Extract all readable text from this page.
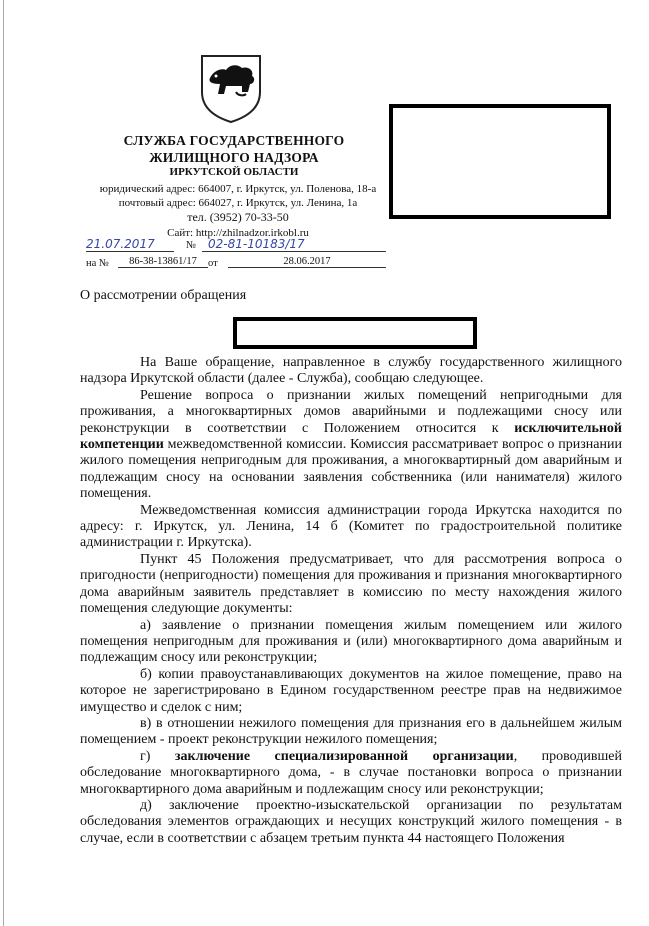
СЛУЖБА ГОСУДАРСТВЕННОГО
ЖИЛИЩНОГО НАДЗОРА
ИРКУТСКОЙ ОБЛАСТИ
юридический адрес: 664007, г. Иркутск, ул. Поленова, 18-а
почтовый адрес: 664027, г. Иркутск, ул. Ленина, 1а
тел. (3952) 70-33-50
Сайт: http://zhilnadzor.irkobl.ru
21.07.2017	№ 02-81-10183/17
на №	86-38-13861/17	от	28.06.2017
О рассмотрении обращения

На Ваше обращение, направленное в службу государственного жилищного надзора Иркутской области (далее - Служба), сообщаю следующее.

Решение вопроса о признании жилых помещений непригодными для проживания, а многоквартирных домов аварийными и подлежащими сносу или реконструкции в соответствии с Положением относится к исключительной компетенции межведомственной комиссии. Комиссия рассматривает вопрос о признании жилого помещения непригодным для проживания, а многоквартирный дом аварийным и подлежащим сносу на основании заявления собственника (или нанимателя) жилого помещения.

Межведомственная комиссия администрации города Иркутска находится по адресу: г. Иркутск, ул. Ленина, 14 б (Комитет по градостроительной политике администрации г. Иркутска).

Пункт 45 Положения предусматривает, что для рассмотрения вопроса о пригодности (непригодности) помещения для проживания и признания многоквартирного дома аварийным заявитель представляет в комиссию по месту нахождения жилого помещения следующие документы:

а) заявление о признании помещения жилым помещением или жилого помещения непригодным для проживания и (или) многоквартирного дома аварийным и подлежащим сносу или реконструкции;

б) копии правоустанавливающих документов на жилое помещение, право на которое не зарегистрировано в Едином государственном реестре прав на недвижимое имущество и сделок с ним;

в) в отношении нежилого помещения для признания его в дальнейшем жилым помещением - проект реконструкции нежилого помещения;

г) заключение специализированной организации, проводившей обследование многоквартирного дома, - в случае постановки вопроса о признании многоквартирного дома аварийным и подлежащим сносу или реконструкции;

д) заключение проектно-изыскательской организации по результатам обследования элементов ограждающих и несущих конструкций жилого помещения - в случае, если в соответствии с абзацем третьим пункта 44 настоящего Положения
